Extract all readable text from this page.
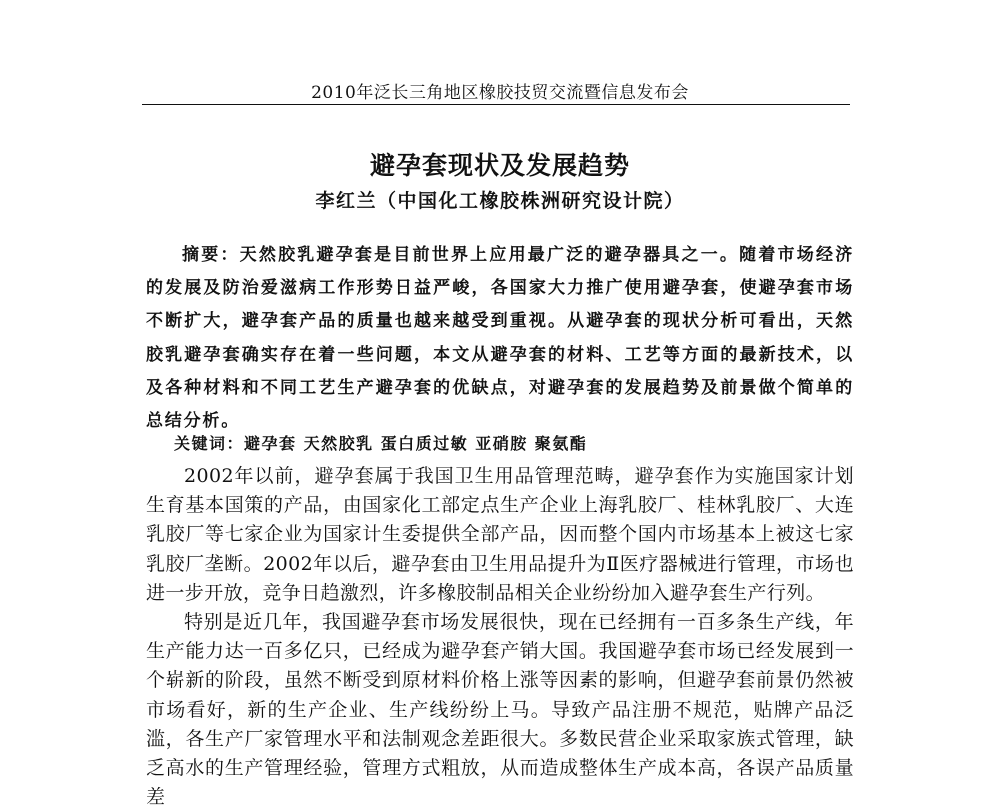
2010年泛长三角地区橡胶技贸交流暨信息发布会
避孕套现状及发展趋势
李红兰（中国化工橡胶株洲研究设计院）

摘要：天然胶乳避孕套是目前世界上应用最广泛的避孕器具之一。随着市场经济的发展及防治爱滋病工作形势日益严峻，各国家大力推广使用避孕套，使避孕套市场不断扩大，避孕套产品的质量也越来越受到重视。从避孕套的现状分析可看出，天然胶乳避孕套确实存在着一些问题，本文从避孕套的材料、工艺等方面的最新技术，以及各种材料和不同工艺生产避孕套的优缺点，对避孕套的发展趋势及前景做个简单的总结分析。

关键词：避孕套 天然胶乳 蛋白质过敏 亚硝胺 聚氨酯

2002年以前，避孕套属于我国卫生用品管理范畴，避孕套作为实施国家计划生育基本国策的产品，由国家化工部定点生产企业上海乳胶厂、桂林乳胶厂、大连乳胶厂等七家企业为国家计生委提供全部产品，因而整个国内市场基本上被这七家乳胶厂垄断。2002年以后，避孕套由卫生用品提升为Ⅱ医疗器械进行管理，市场也进一步开放，竞争日趋激烈，许多橡胶制品相关企业纷纷加入避孕套生产行列。

特别是近几年，我国避孕套市场发展很快，现在已经拥有一百多条生产线，年生产能力达一百多亿只，已经成为避孕套产销大国。我国避孕套市场已经发展到一个崭新的阶段，虽然不断受到原材料价格上涨等因素的影响，但避孕套前景仍然被市场看好，新的生产企业、生产线纷纷上马。导致产品注册不规范，贴牌产品泛滥，各生产厂家管理水平和法制观念差距很大。多数民营企业采取家族式管理，缺乏高水的生产管理经验，管理方式粗放，从而造成整体生产成本高，各误产品质量差
